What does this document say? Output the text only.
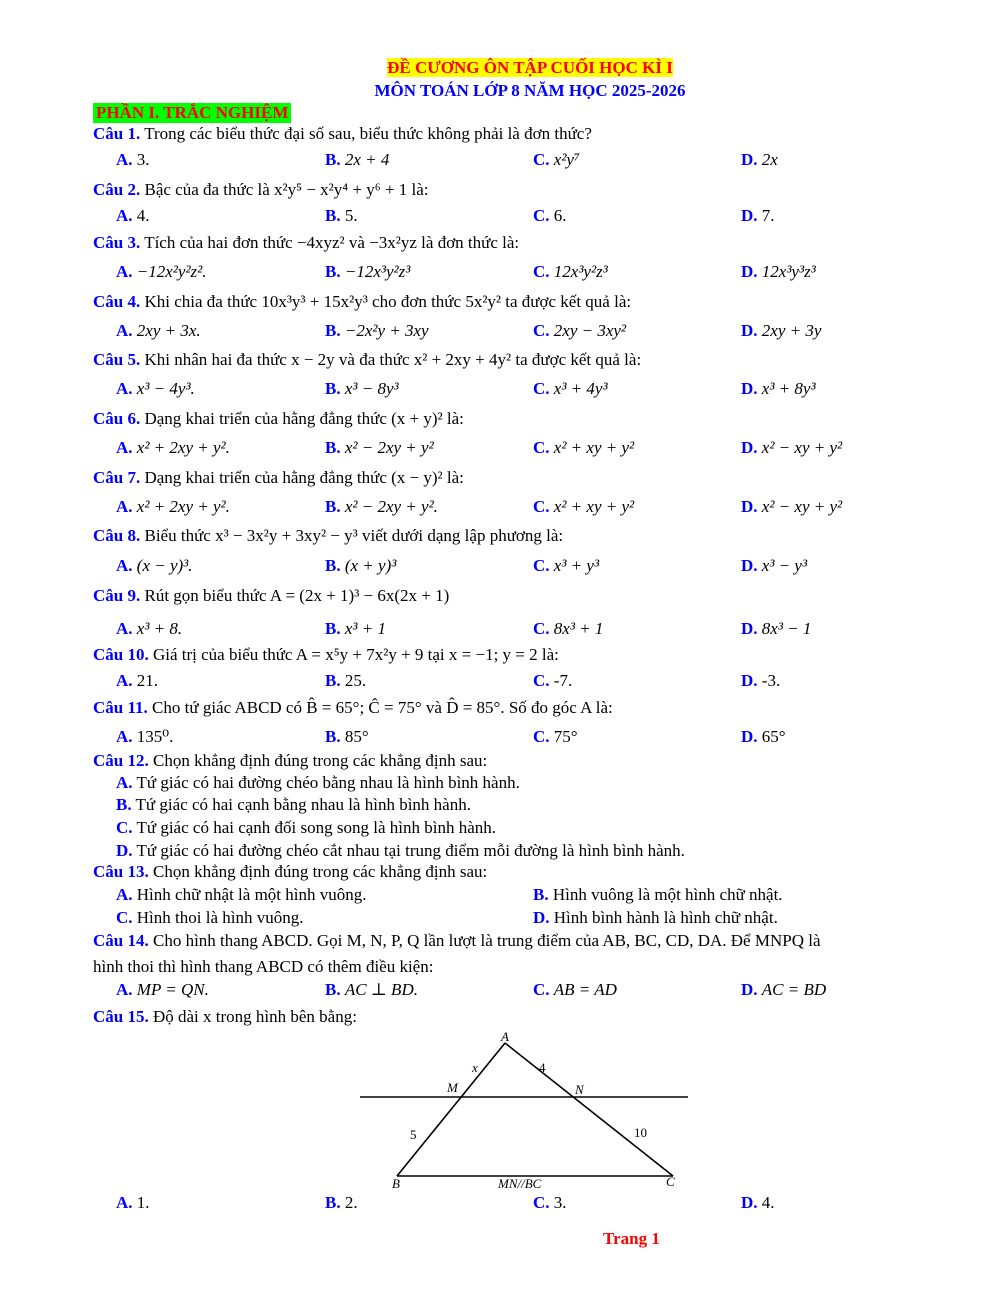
ĐỀ CƯƠNG ÔN TẬP CUỐI HỌC KÌ I
MÔN TOÁN LỚP 8 NĂM HỌC 2025-2026
PHẦN I. TRẮC NGHIỆM
Câu 1. Trong các biểu thức đại số sau, biểu thức không phải là đơn thức?
A. 3.	B. 2x + 4	C. x²y⁷	D. 2x
Câu 2. Bậc của đa thức là x²y⁵ − x²y⁴ + y⁶ + 1 là:
A. 4.	B. 5.	C. 6.	D. 7.
Câu 3. Tích của hai đơn thức −4xyz² và −3x²yz là đơn thức là:
A. −12x²y²z².	B. −12x³y²z³	C. 12x³y²z³	D. 12x³y³z³
Câu 4. Khi chia đa thức 10x³y³ + 15x²y³ cho đơn thức 5x²y² ta được kết quả là:
A. 2xy + 3x.	B. −2x²y + 3xy	C. 2xy − 3xy²	D. 2xy + 3y
Câu 5. Khi nhân hai đa thức x − 2y và đa thức x² + 2xy + 4y² ta được kết quả là:
A. x³ − 4y³.	B. x³ − 8y³	C. x³ + 4y³	D. x³ + 8y³
Câu 6. Dạng khai triển của hằng đẳng thức (x + y)² là:
A. x² + 2xy + y².	B. x² − 2xy + y²	C. x² + xy + y²	D. x² − xy + y²
Câu 7. Dạng khai triển của hằng đẳng thức (x − y)² là:
A. x² + 2xy + y².	B. x² − 2xy + y².	C. x² + xy + y²	D. x² − xy + y²
Câu 8. Biểu thức x³ − 3x²y + 3xy² − y³ viết dưới dạng lập phương là:
A. (x − y)³.	B. (x + y)³	C. x³ + y³	D. x³ − y³
Câu 9. Rút gọn biểu thức A = (2x + 1)³ − 6x(2x + 1)
A. x³ + 8.	B. x³ + 1	C. 8x³ + 1	D. 8x³ − 1
Câu 10. Giá trị của biểu thức A = x⁵y + 7x²y + 9 tại x = −1; y = 2 là:
A. 21.	B. 25.	C. -7.	D. -3.
Câu 11. Cho tứ giác ABCD có B̂ = 65°; Ĉ = 75° và D̂ = 85°. Số đo góc A là:
A. 135⁰.	B. 85°	C. 75°	D. 65°
Câu 12. Chọn khẳng định đúng trong các khẳng định sau:
A. Tứ giác có hai đường chéo bằng nhau là hình bình hành.
B. Tứ giác có hai cạnh bằng nhau là hình bình hành.
C. Tứ giác có hai cạnh đối song song là hình bình hành.
D. Tứ giác có hai đường chéo cắt nhau tại trung điểm mỗi đường là hình bình hành.
Câu 13. Chọn khẳng định đúng trong các khẳng định sau:
A. Hình chữ nhật là một hình vuông.	B. Hình vuông là một hình chữ nhật.
C. Hình thoi là hình vuông.	D. Hình bình hành là hình chữ nhật.
Câu 14. Cho hình thang ABCD. Gọi M, N, P, Q lần lượt là trung điểm của AB, BC, CD, DA. Để MNPQ là
hình thoi thì hình thang ABCD có thêm điều kiện:
A. MP = QN.	B. AC ⊥ BD.	C. AB = AD	D. AC = BD
Câu 15. Độ dài x trong hình bên bằng:
A
x	4
M	N
5	10
B	MN//BC	C
A. 1.	B. 2.	C. 3.	D. 4.
Trang 1
